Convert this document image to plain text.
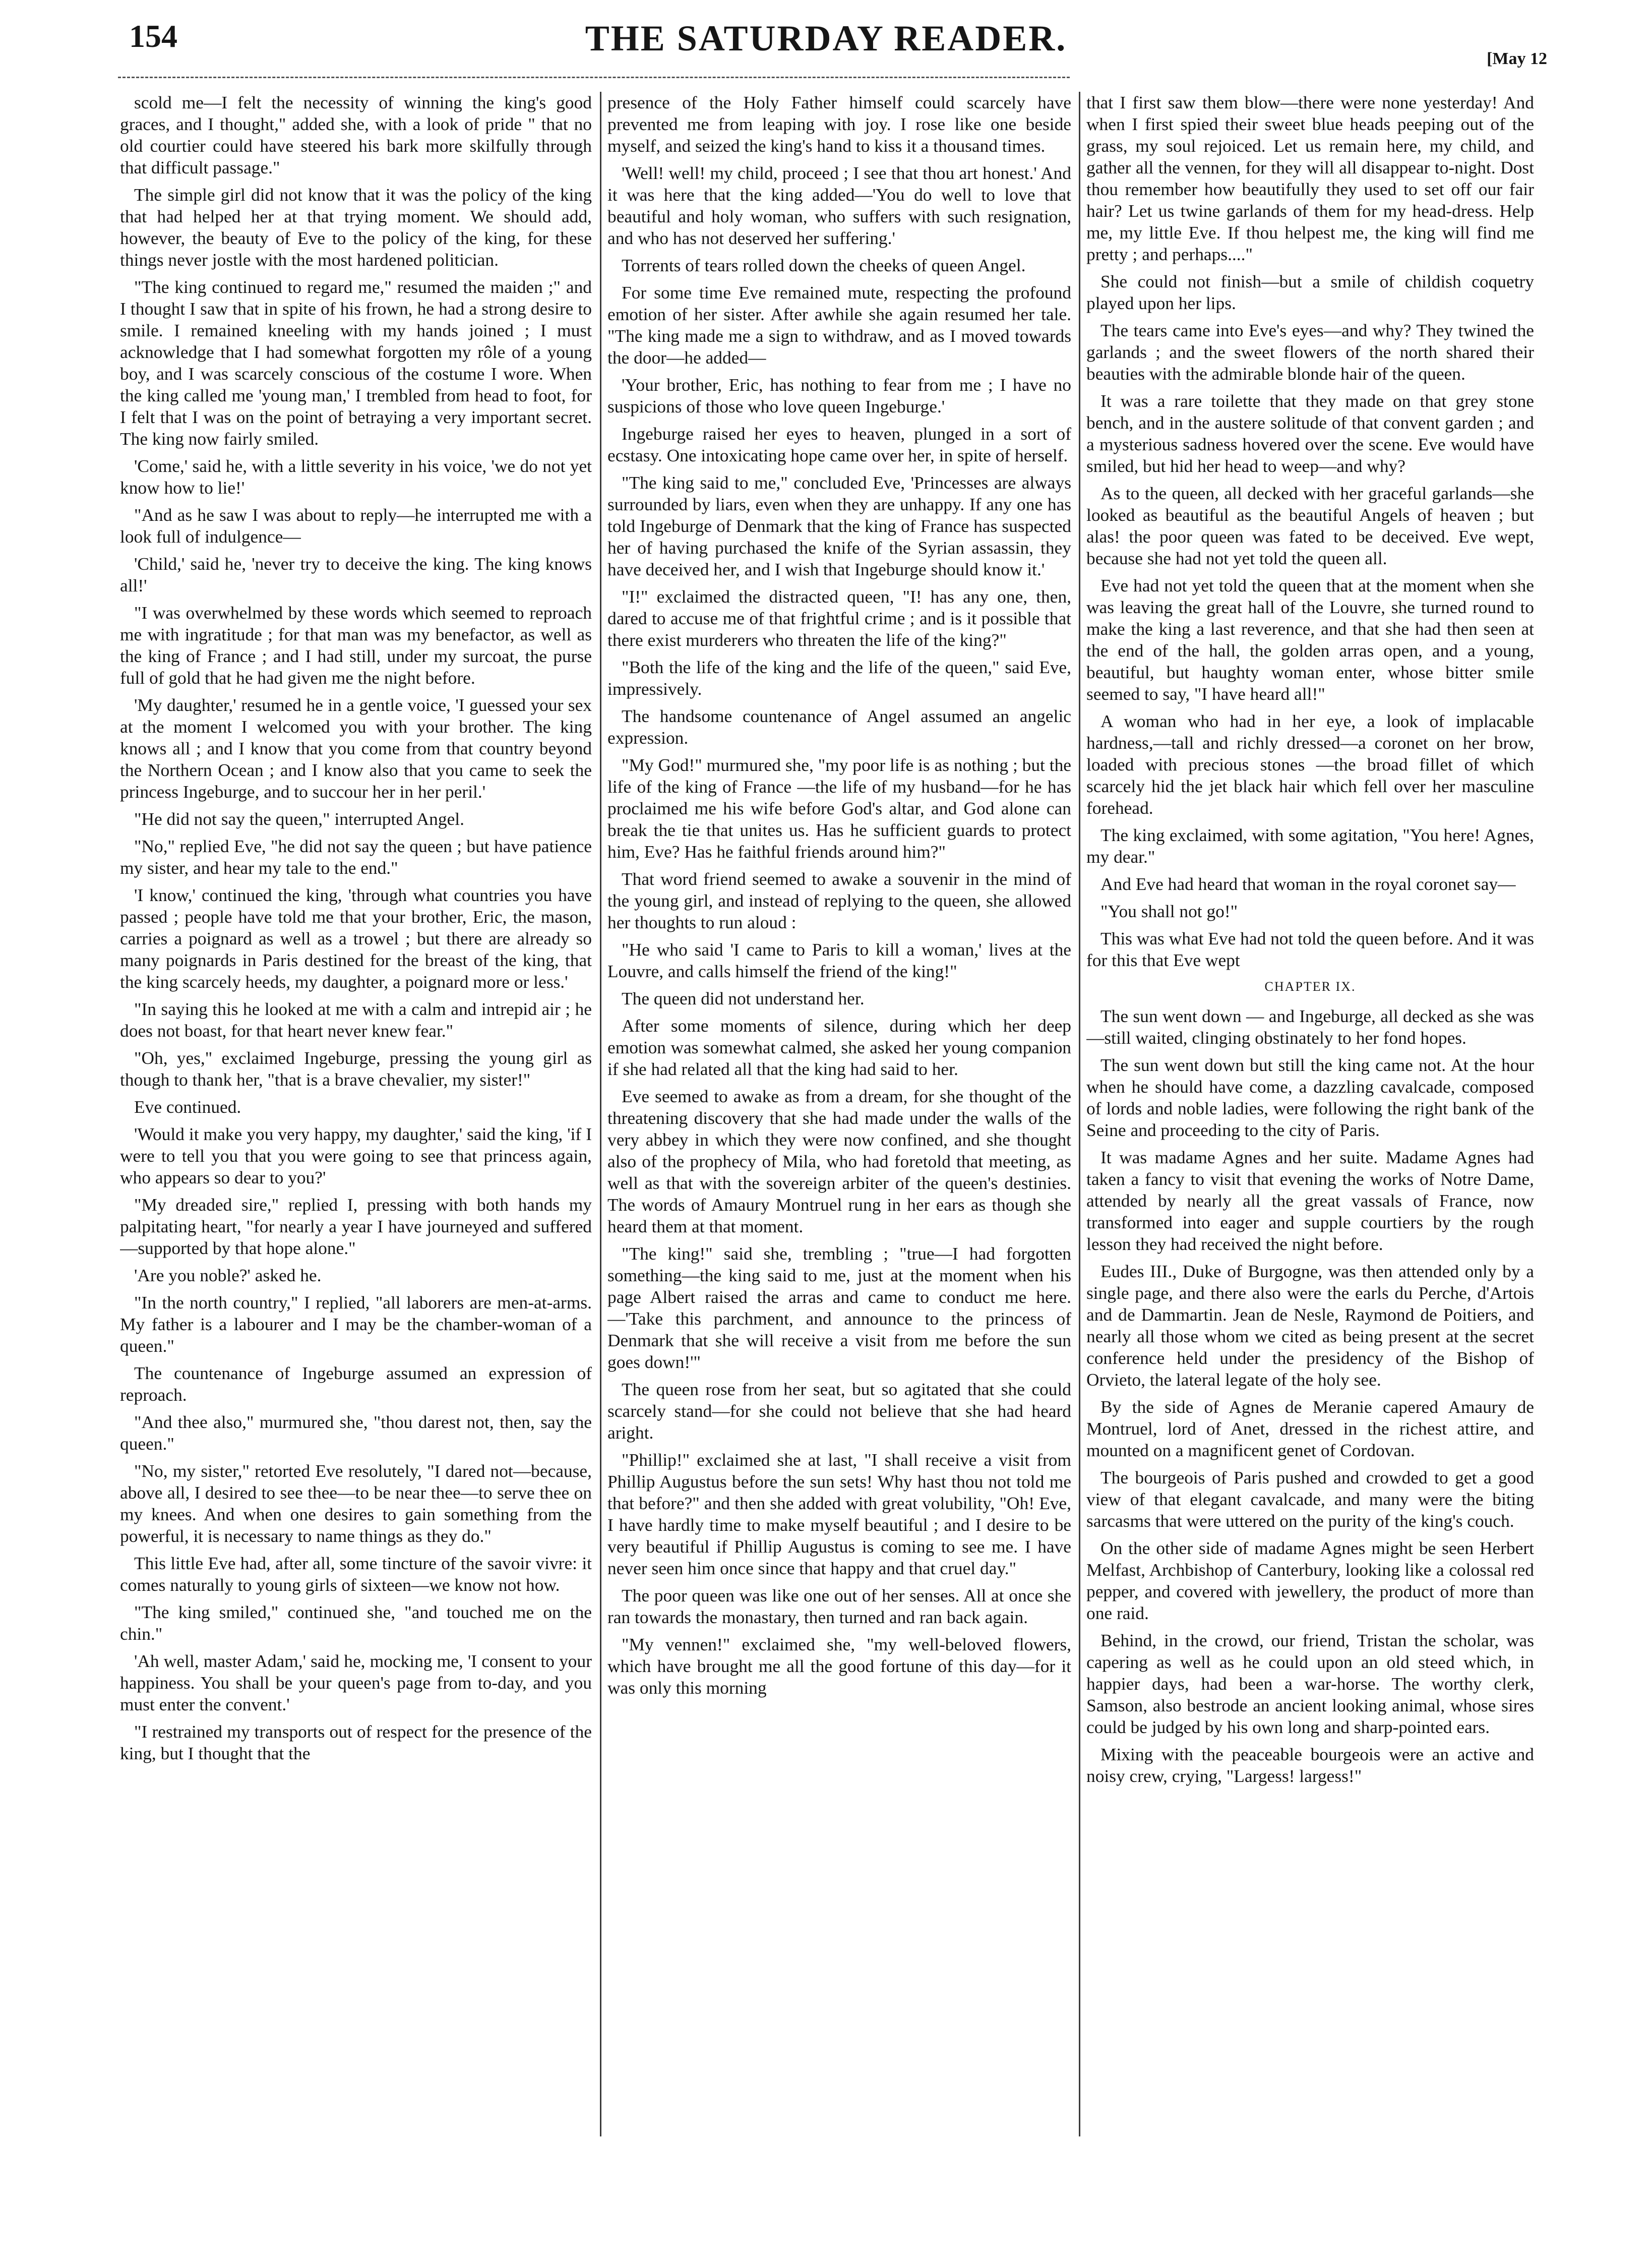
154	THE SATURDAY READER.
[May 12

scold me—I felt the necessity of winning the king's good graces, and I thought," added she, with a look of pride " that no old courtier could have steered his bark more skilfully through that difficult passage."

The simple girl did not know that it was the policy of the king that had helped her at that trying moment. We should add, however, the beauty of Eve to the policy of the king, for these things never jostle with the most hardened politician.

"The king continued to regard me," resumed the maiden ;" and I thought I saw that in spite of his frown, he had a strong desire to smile. I remained kneeling with my hands joined ; I must acknowledge that I had somewhat forgotten my rôle of a young boy, and I was scarcely conscious of the costume I wore. When the king called me 'young man,' I trembled from head to foot, for I felt that I was on the point of betraying a very important secret. The king now fairly smiled.

'Come,' said he, with a little severity in his voice, 'we do not yet know how to lie!'

"And as he saw I was about to reply—he interrupted me with a look full of indulgence—

'Child,' said he, 'never try to deceive the king. The king knows all!'

"I was overwhelmed by these words which seemed to reproach me with ingratitude ; for that man was my benefactor, as well as the king of France ; and I had still, under my surcoat, the purse full of gold that he had given me the night before.

'My daughter,' resumed he in a gentle voice, 'I guessed your sex at the moment I welcomed you with your brother. The king knows all ; and I know that you come from that country beyond the Northern Ocean ; and I know also that you came to seek the princess Ingeburge, and to succour her in her peril.'

"He did not say the queen," interrupted Angel.

"No," replied Eve, "he did not say the queen ; but have patience my sister, and hear my tale to the end."

'I know,' continued the king, 'through what countries you have passed ; people have told me that your brother, Eric, the mason, carries a poignard as well as a trowel ; but there are already so many poignards in Paris destined for the breast of the king, that the king scarcely heeds, my daughter, a poignard more or less.'

"In saying this he looked at me with a calm and intrepid air ; he does not boast, for that heart never knew fear."

"Oh, yes," exclaimed Ingeburge, pressing the young girl as though to thank her, "that is a brave chevalier, my sister!"

Eve continued.

'Would it make you very happy, my daughter,' said the king, 'if I were to tell you that you were going to see that princess again, who appears so dear to you?'

"My dreaded sire," replied I, pressing with both hands my palpitating heart, "for nearly a year I have journeyed and suffered—supported by that hope alone."

'Are you noble?' asked he.

"In the north country," I replied, "all laborers are men-at-arms. My father is a labourer and I may be the chamber-woman of a queen."

The countenance of Ingeburge assumed an expression of reproach.

"And thee also," murmured she, "thou darest not, then, say the queen."

"No, my sister," retorted Eve resolutely, "I dared not—because, above all, I desired to see thee—to be near thee—to serve thee on my knees. And when one desires to gain something from the powerful, it is necessary to name things as they do."

This little Eve had, after all, some tincture of the savoir vivre: it comes naturally to young girls of sixteen—we know not how.

"The king smiled," continued she, "and touched me on the chin."

'Ah well, master Adam,' said he, mocking me, 'I consent to your happiness. You shall be your queen's page from to-day, and you must enter the convent.'

"I restrained my transports out of respect for the presence of the king, but I thought that the

presence of the Holy Father himself could scarcely have prevented me from leaping with joy. I rose like one beside myself, and seized the king's hand to kiss it a thousand times.

'Well! well! my child, proceed ; I see that thou art honest.' And it was here that the king added—'You do well to love that beautiful and holy woman, who suffers with such resignation, and who has not deserved her suffering.'

Torrents of tears rolled down the cheeks of queen Angel.

For some time Eve remained mute, respecting the profound emotion of her sister. After awhile she again resumed her tale. "The king made me a sign to withdraw, and as I moved towards the door—he added—

'Your brother, Eric, has nothing to fear from me ; I have no suspicions of those who love queen Ingeburge.'

Ingeburge raised her eyes to heaven, plunged in a sort of ecstasy. One intoxicating hope came over her, in spite of herself.

"The king said to me," concluded Eve, 'Princesses are always surrounded by liars, even when they are unhappy. If any one has told Ingeburge of Denmark that the king of France has suspected her of having purchased the knife of the Syrian assassin, they have deceived her, and I wish that Ingeburge should know it.'

"I!" exclaimed the distracted queen, "I! has any one, then, dared to accuse me of that frightful crime ; and is it possible that there exist murderers who threaten the life of the king?"

"Both the life of the king and the life of the queen," said Eve, impressively.

The handsome countenance of Angel assumed an angelic expression.

"My God!" murmured she, "my poor life is as nothing ; but the life of the king of France —the life of my husband—for he has proclaimed me his wife before God's altar, and God alone can break the tie that unites us. Has he sufficient guards to protect him, Eve? Has he faithful friends around him?"

That word friend seemed to awake a souvenir in the mind of the young girl, and instead of replying to the queen, she allowed her thoughts to run aloud :

"He who said 'I came to Paris to kill a woman,' lives at the Louvre, and calls himself the friend of the king!"

The queen did not understand her.

After some moments of silence, during which her deep emotion was somewhat calmed, she asked her young companion if she had related all that the king had said to her.

Eve seemed to awake as from a dream, for she thought of the threatening discovery that she had made under the walls of the very abbey in which they were now confined, and she thought also of the prophecy of Mila, who had foretold that meeting, as well as that with the sovereign arbiter of the queen's destinies. The words of Amaury Montruel rung in her ears as though she heard them at that moment.

"The king!" said she, trembling ; "true—I had forgotten something—the king said to me, just at the moment when his page Albert raised the arras and came to conduct me here.—'Take this parchment, and announce to the princess of Denmark that she will receive a visit from me before the sun goes down!'"

The queen rose from her seat, but so agitated that she could scarcely stand—for she could not believe that she had heard aright.

"Phillip!" exclaimed she at last, "I shall receive a visit from Phillip Augustus before the sun sets! Why hast thou not told me that before?" and then she added with great volubility, "Oh! Eve, I have hardly time to make myself beautiful ; and I desire to be very beautiful if Phillip Augustus is coming to see me. I have never seen him once since that happy and that cruel day."

The poor queen was like one out of her senses. All at once she ran towards the monastary, then turned and ran back again.

"My vennen!" exclaimed she, "my well-beloved flowers, which have brought me all the good fortune of this day—for it was only this morning

that I first saw them blow—there were none yesterday! And when I first spied their sweet blue heads peeping out of the grass, my soul rejoiced. Let us remain here, my child, and gather all the vennen, for they will all disappear to-night. Dost thou remember how beautifully they used to set off our fair hair? Let us twine garlands of them for my head-dress. Help me, my little Eve. If thou helpest me, the king will find me pretty ; and perhaps...."

She could not finish—but a smile of childish coquetry played upon her lips.

The tears came into Eve's eyes—and why? They twined the garlands ; and the sweet flowers of the north shared their beauties with the admirable blonde hair of the queen.

It was a rare toilette that they made on that grey stone bench, and in the austere solitude of that convent garden ; and a mysterious sadness hovered over the scene. Eve would have smiled, but hid her head to weep—and why?

As to the queen, all decked with her graceful garlands—she looked as beautiful as the beautiful Angels of heaven ; but alas! the poor queen was fated to be deceived. Eve wept, because she had not yet told the queen all.

Eve had not yet told the queen that at the moment when she was leaving the great hall of the Louvre, she turned round to make the king a last reverence, and that she had then seen at the end of the hall, the golden arras open, and a young, beautiful, but haughty woman enter, whose bitter smile seemed to say, "I have heard all!"

A woman who had in her eye, a look of implacable hardness,—tall and richly dressed—a coronet on her brow, loaded with precious stones —the broad fillet of which scarcely hid the jet black hair which fell over her masculine forehead.

The king exclaimed, with some agitation, "You here! Agnes, my dear."

And Eve had heard that woman in the royal coronet say—

"You shall not go!"

This was what Eve had not told the queen before. And it was for this that Eve wept

CHAPTER IX.

The sun went down — and Ingeburge, all decked as she was—still waited, clinging obstinately to her fond hopes.

The sun went down but still the king came not. At the hour when he should have come, a dazzling cavalcade, composed of lords and noble ladies, were following the right bank of the Seine and proceeding to the city of Paris.

It was madame Agnes and her suite. Madame Agnes had taken a fancy to visit that evening the works of Notre Dame, attended by nearly all the great vassals of France, now transformed into eager and supple courtiers by the rough lesson they had received the night before.

Eudes III., Duke of Burgogne, was then attended only by a single page, and there also were the earls du Perche, d'Artois and de Dammartin. Jean de Nesle, Raymond de Poitiers, and nearly all those whom we cited as being present at the secret conference held under the presidency of the Bishop of Orvieto, the lateral legate of the holy see.

By the side of Agnes de Meranie capered Amaury de Montruel, lord of Anet, dressed in the richest attire, and mounted on a magnificent genet of Cordovan.

The bourgeois of Paris pushed and crowded to get a good view of that elegant cavalcade, and many were the biting sarcasms that were uttered on the purity of the king's couch.

On the other side of madame Agnes might be seen Herbert Melfast, Archbishop of Canterbury, looking like a colossal red pepper, and covered with jewellery, the product of more than one raid.

Behind, in the crowd, our friend, Tristan the scholar, was capering as well as he could upon an old steed which, in happier days, had been a war-horse. The worthy clerk, Samson, also bestrode an ancient looking animal, whose sires could be judged by his own long and sharp-pointed ears.

Mixing with the peaceable bourgeois were an active and noisy crew, crying, "Largess! largess!"
